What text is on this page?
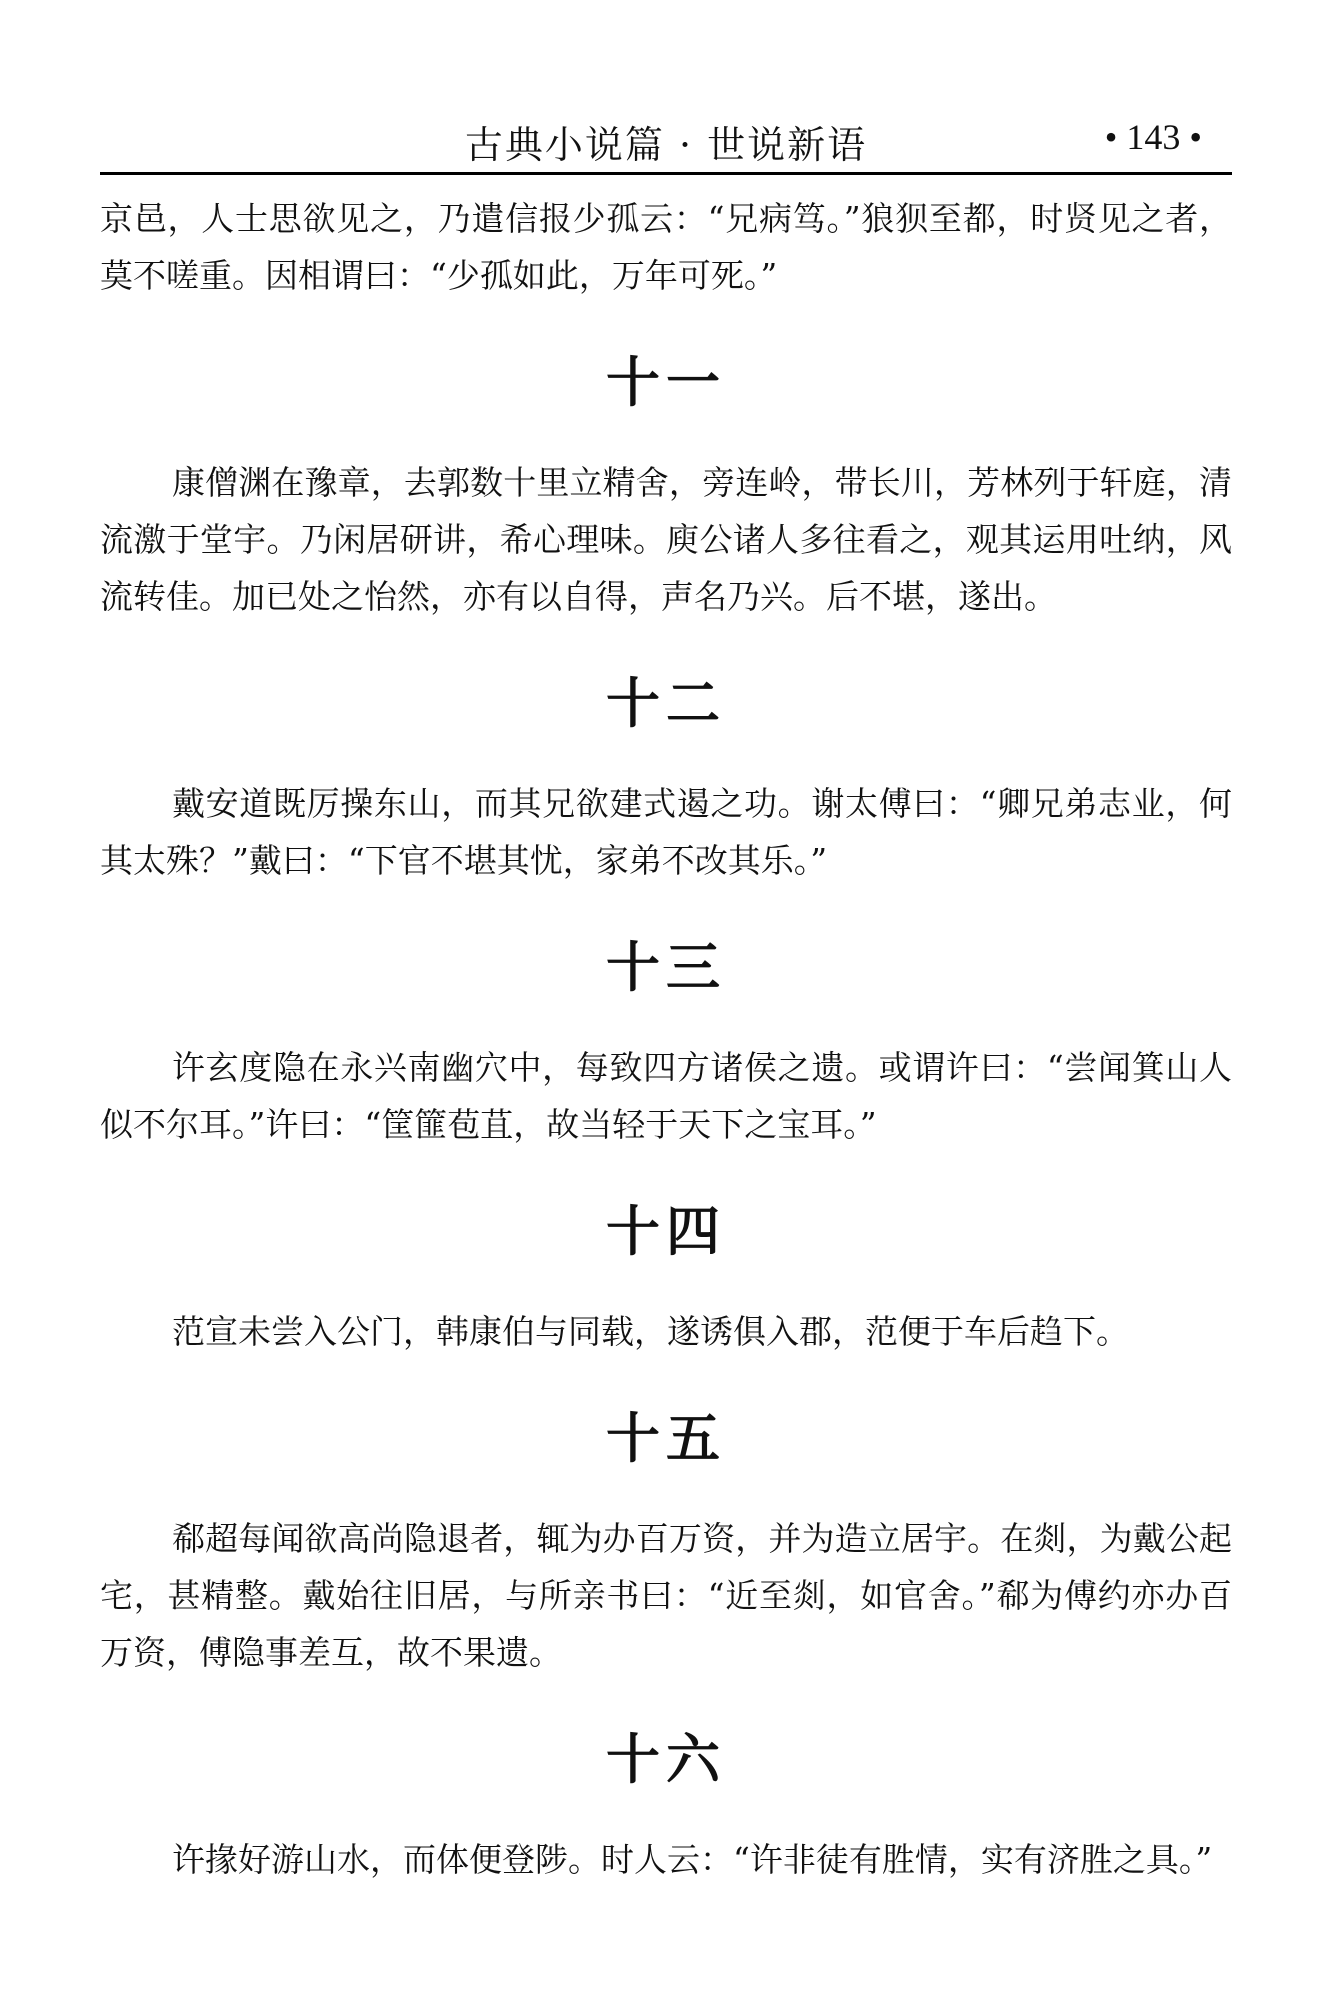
古典小说篇 · 世说新语	• 143 •

京邑，人士思欲见之，乃遣信报少孤云：“兄病笃。”狼狈至都，时贤见之者，莫不嗟重。因相谓曰：“少孤如此，万年可死。”

十一

康僧渊在豫章，去郭数十里立精舍，旁连岭，带长川，芳林列于轩庭，清流激于堂宇。乃闲居研讲，希心理味。庾公诸人多往看之，观其运用吐纳，风流转佳。加已处之怡然，亦有以自得，声名乃兴。后不堪，遂出。

十二

戴安道既厉操东山，而其兄欲建式遏之功。谢太傅曰：“卿兄弟志业，何其太殊？”戴曰：“下官不堪其忧，家弟不改其乐。”

十三

许玄度隐在永兴南幽穴中，每致四方诸侯之遗。或谓许曰：“尝闻箕山人似不尔耳。”许曰：“筐篚苞苴，故当轻于天下之宝耳。”

十四

范宣未尝入公门，韩康伯与同载，遂诱俱入郡，范便于车后趋下。

十五

郗超每闻欲高尚隐退者，辄为办百万资，并为造立居宇。在剡，为戴公起宅，甚精整。戴始往旧居，与所亲书曰：“近至剡，如官舍。”郗为傅约亦办百万资，傅隐事差互，故不果遗。

十六

许掾好游山水，而体便登陟。时人云：“许非徒有胜情，实有济胜之具。”
